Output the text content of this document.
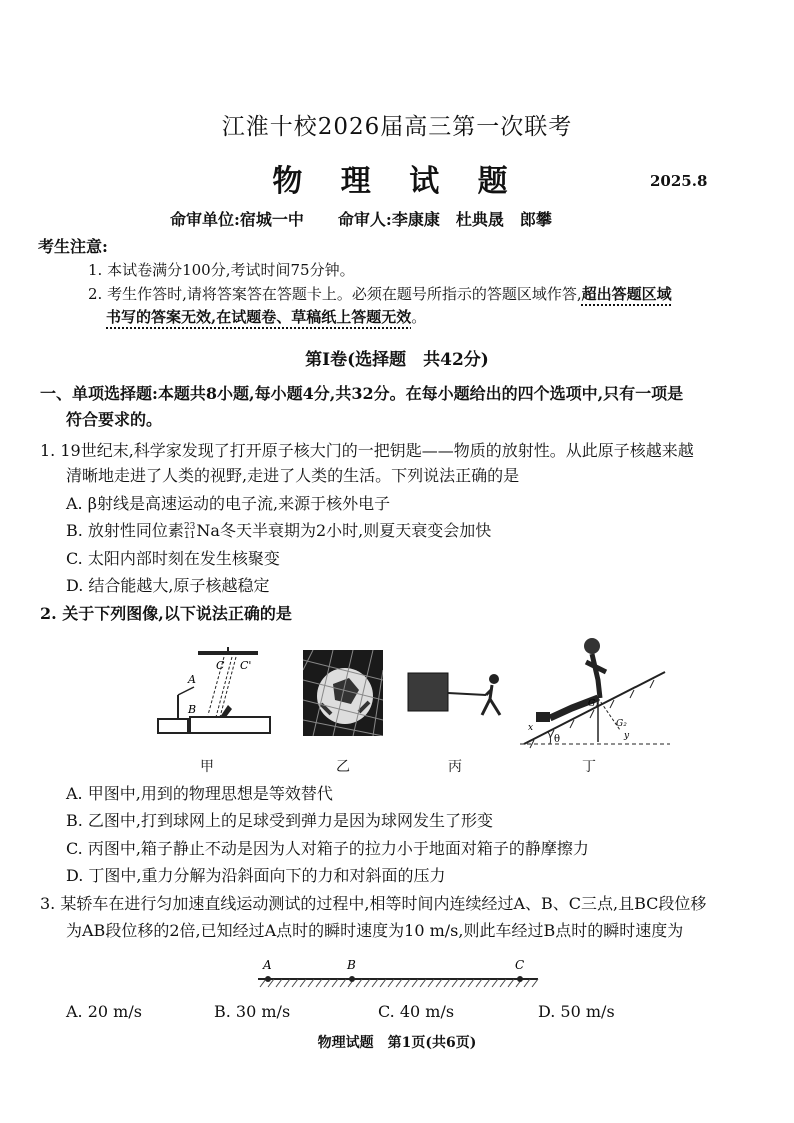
江淮十校2026届高三第一次联考
物 理 试 题	2025.8
命审单位:宿城一中 命审人:李康康　杜典晟　郎攀
考生注意:
1. 本试卷满分100分,考试时间75分钟。
2. 考生作答时,请将答案答在答题卡上。必须在题号所指示的答题区域作答,超出答题区域
书写的答案无效,在试题卷、草稿纸上答题无效。
第Ⅰ卷(选择题　共42分)
一、单项选择题:本题共8小题,每小题4分,共32分。在每小题给出的四个选项中,只有一项是
符合要求的。
1. 19世纪末,科学家发现了打开原子核大门的一把钥匙——物质的放射性。从此原子核越来越
清晰地走进了人类的视野,走进了人类的生活。下列说法正确的是
A. β射线是高速运动的电子流,来源于核外电子
B. 放射性同位素 23
11 Na冬天半衰期为2小时,则夏天衰变会加快
C. 太阳内部时刻在发生核聚变
D. 结合能越大,原子核越稳定
2. 关于下列图像,以下说法正确的是
C C'
A
B
甲	乙	丙
θ
G₁
G₂
x
y
丁
A. 甲图中,用到的物理思想是等效替代
B. 乙图中,打到球网上的足球受到弹力是因为球网发生了形变
C. 丙图中,箱子静止不动是因为人对箱子的拉力小于地面对箱子的静摩擦力
D. 丁图中,重力分解为沿斜面向下的力和对斜面的压力
3. 某轿车在进行匀加速直线运动测试的过程中,相等时间内连续经过A、B、C三点,且BC段位移
为AB段位移的2倍,已知经过A点时的瞬时速度为10 m/s,则此车经过B点时的瞬时速度为
A	B	C
A. 20 m/s	B. 30 m/s	C. 40 m/s	D. 50 m/s
物理试题　第1页(共6页)
